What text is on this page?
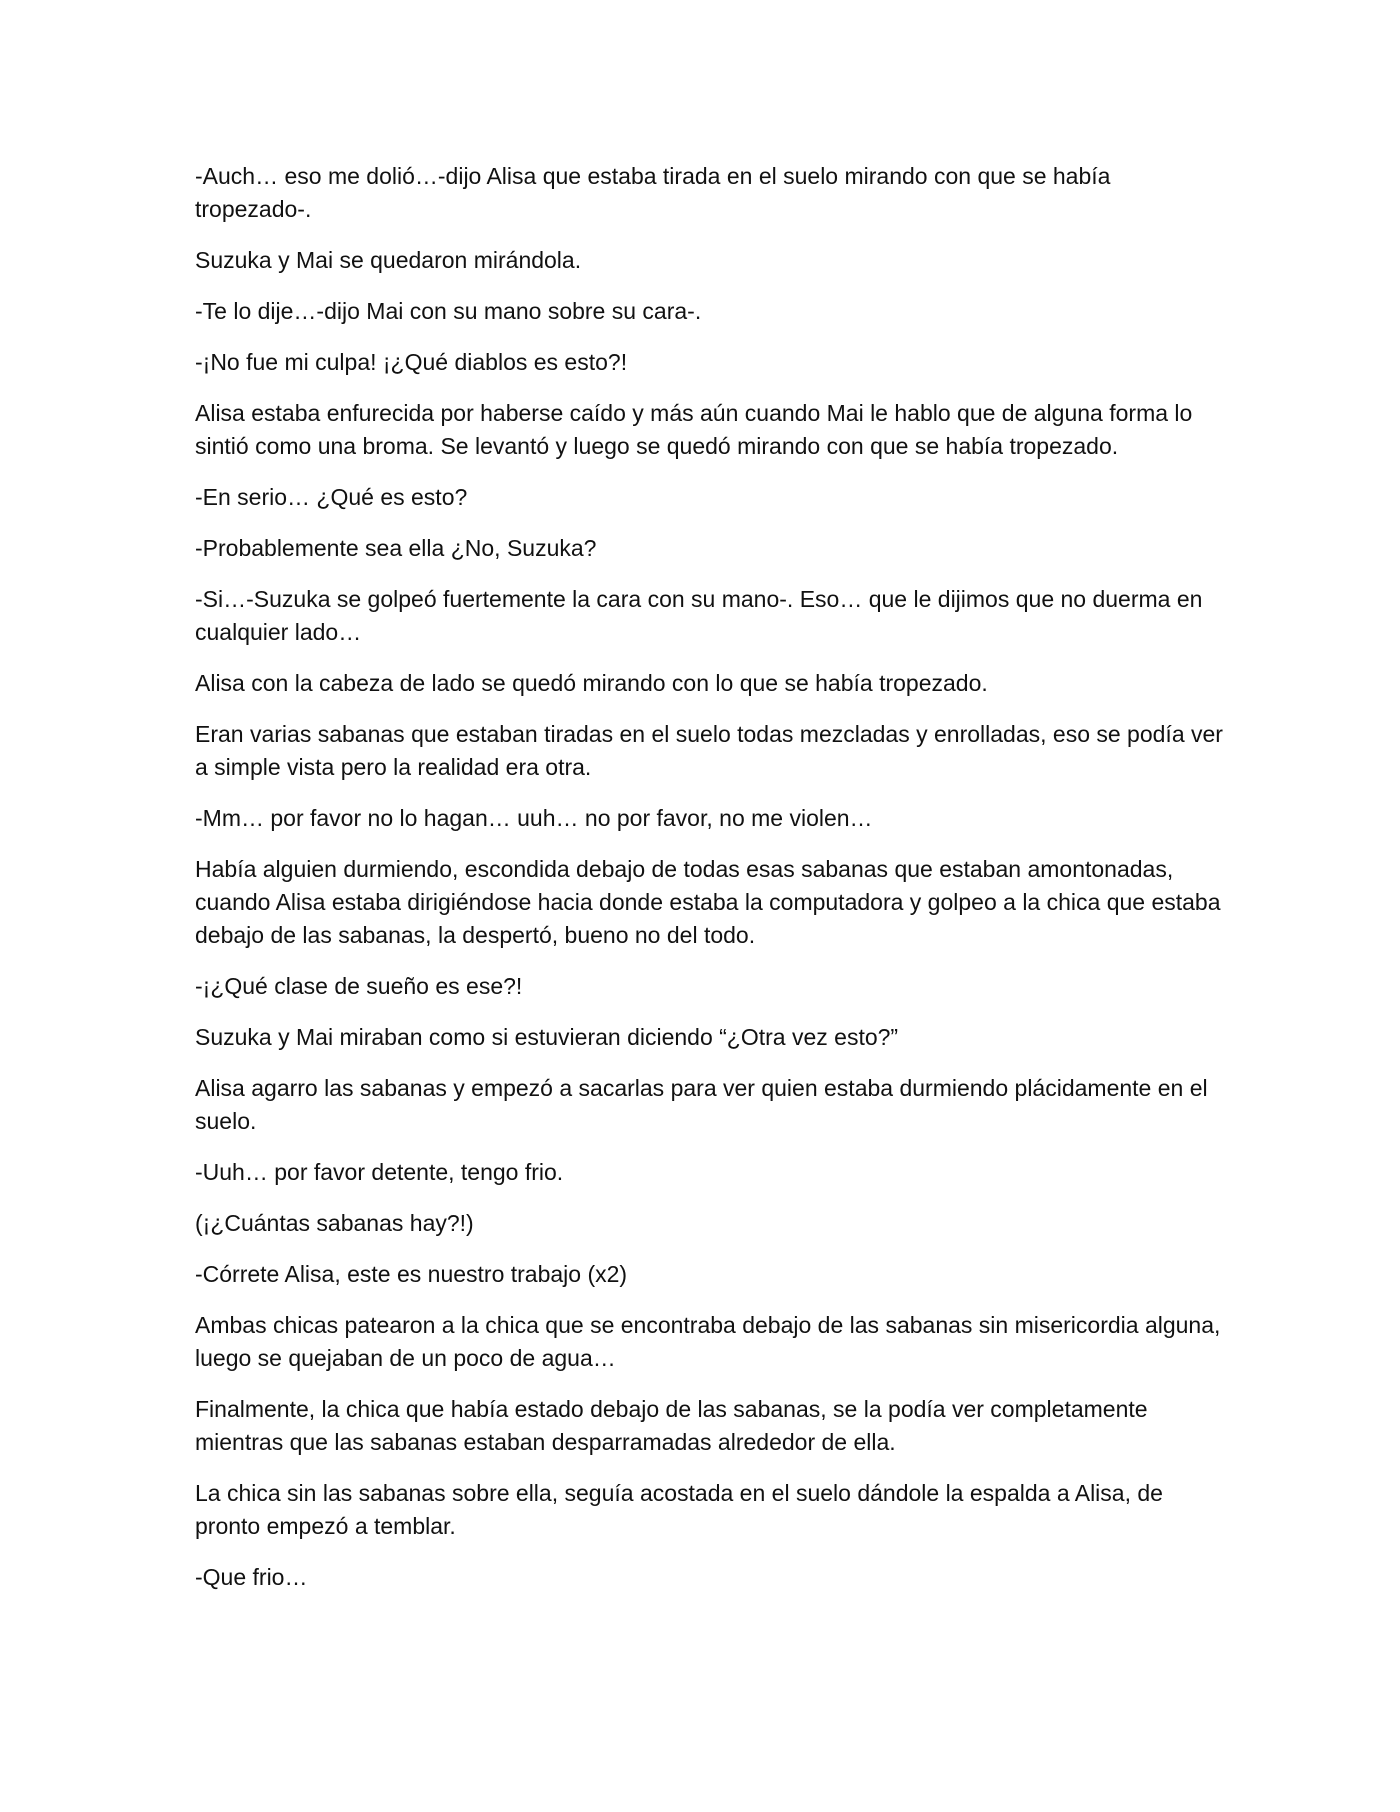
-Auch… eso me dolió…-dijo Alisa que estaba tirada en el suelo mirando con que se había tropezado-.

Suzuka y Mai se quedaron mirándola.

-Te lo dije…-dijo Mai con su mano sobre su cara-.

-¡No fue mi culpa! ¡¿Qué diablos es esto?!

Alisa estaba enfurecida por haberse caído y más aún cuando Mai le hablo que de alguna forma lo sintió como una broma. Se levantó y luego se quedó mirando con que se había tropezado.

-En serio… ¿Qué es esto?

-Probablemente sea ella ¿No, Suzuka?

-Si…-Suzuka se golpeó fuertemente la cara con su mano-. Eso… que le dijimos que no duerma en cualquier lado…

Alisa con la cabeza de lado se quedó mirando con lo que se había tropezado.

Eran varias sabanas que estaban tiradas en el suelo todas mezcladas y enrolladas, eso se podía ver a simple vista pero la realidad era otra.

-Mm… por favor no lo hagan… uuh… no por favor, no me violen…

Había alguien durmiendo, escondida debajo de todas esas sabanas que estaban amontonadas, cuando Alisa estaba dirigiéndose hacia donde estaba la computadora y golpeo a la chica que estaba debajo de las sabanas, la despertó, bueno no del todo.

-¡¿Qué clase de sueño es ese?!

Suzuka y Mai miraban como si estuvieran diciendo “¿Otra vez esto?”

Alisa agarro las sabanas y empezó a sacarlas para ver quien estaba durmiendo plácidamente en el suelo.

-Uuh… por favor detente, tengo frio.

(¡¿Cuántas sabanas hay?!)

-Córrete Alisa, este es nuestro trabajo (x2)

Ambas chicas patearon a la chica que se encontraba debajo de las sabanas sin misericordia alguna, luego se quejaban de un poco de agua…

Finalmente, la chica que había estado debajo de las sabanas, se la podía ver completamente mientras que las sabanas estaban desparramadas alrededor de ella.

La chica sin las sabanas sobre ella, seguía acostada en el suelo dándole la espalda a Alisa, de pronto empezó a temblar.

-Que frio…
